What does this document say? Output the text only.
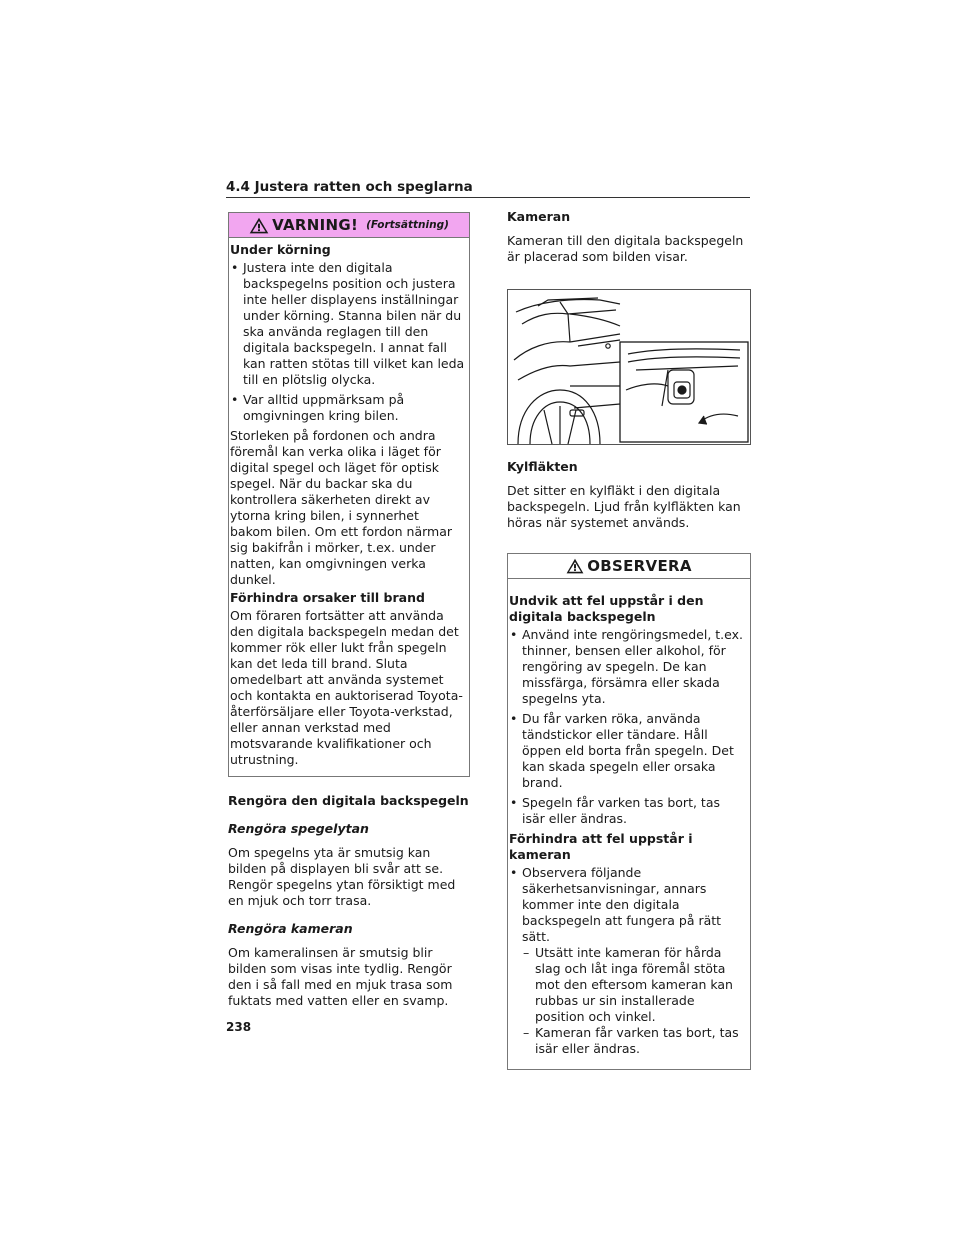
4.4 Justera ratten och speglarna
VARNING! (Fortsättning)

Under körning

• Justera inte den digitala backspegelns position och justera inte heller displayens inställningar under körning. Stanna bilen när du ska använda reglagen till den digitala backspegeln. I annat fall kan ratten stötas till vilket kan leda till en plötslig olycka.
• Var alltid uppmärksam på omgivningen kring bilen.

Storleken på fordonen och andra föremål kan verka olika i läget för digital spegel och läget för optisk spegel. När du backar ska du kontrollera säkerheten direkt av ytorna kring bilen, i synnerhet bakom bilen. Om ett fordon närmar sig bakifrån i mörker, t.ex. under natten, kan omgivningen verka dunkel.

Förhindra orsaker till brand

Om föraren fortsätter att använda den digitala backspegeln medan det kommer rök eller lukt från spegeln kan det leda till brand. Sluta omedelbart att använda systemet och kontakta en auktoriserad Toyota-återförsäljare eller Toyota-verkstad, eller annan verkstad med motsvarande kvalifikationer och utrustning.

Rengöra den digitala backspegeln

Rengöra spegelytan

Om spegelns yta är smutsig kan bilden på displayen bli svår att se. Rengör spegelns ytan försiktigt med en mjuk och torr trasa.

Rengöra kameran

Om kameralinsen är smutsig blir bilden som visas inte tydlig. Rengör den i så fall med en mjuk trasa som fuktats med vatten eller en svamp.

Kameran

Kameran till den digitala backspegeln är placerad som bilden visar.

Kylfläkten

Det sitter en kylfläkt i den digitala backspegeln. Ljud från kylfläkten kan höras när systemet används.

OBSERVERA

Undvik att fel uppstår i den digitala backspegeln

• Använd inte rengöringsmedel, t.ex. thinner, bensen eller alkohol, för rengöring av spegeln. De kan missfärga, försämra eller skada spegelns yta.
• Du får varken röka, använda tändstickor eller tändare. Håll öppen eld borta från spegeln. Det kan skada spegeln eller orsaka brand.
• Spegeln får varken tas bort, tas isär eller ändras.

Förhindra att fel uppstår i kameran

• Observera följande säkerhetsanvisningar, annars kommer inte den digitala backspegeln att fungera på rätt sätt.
– Utsätt inte kameran för hårda slag och låt inga föremål stöta mot den eftersom kameran kan rubbas ur sin installerade position och vinkel.
– Kameran får varken tas bort, tas isär eller ändras.
238
